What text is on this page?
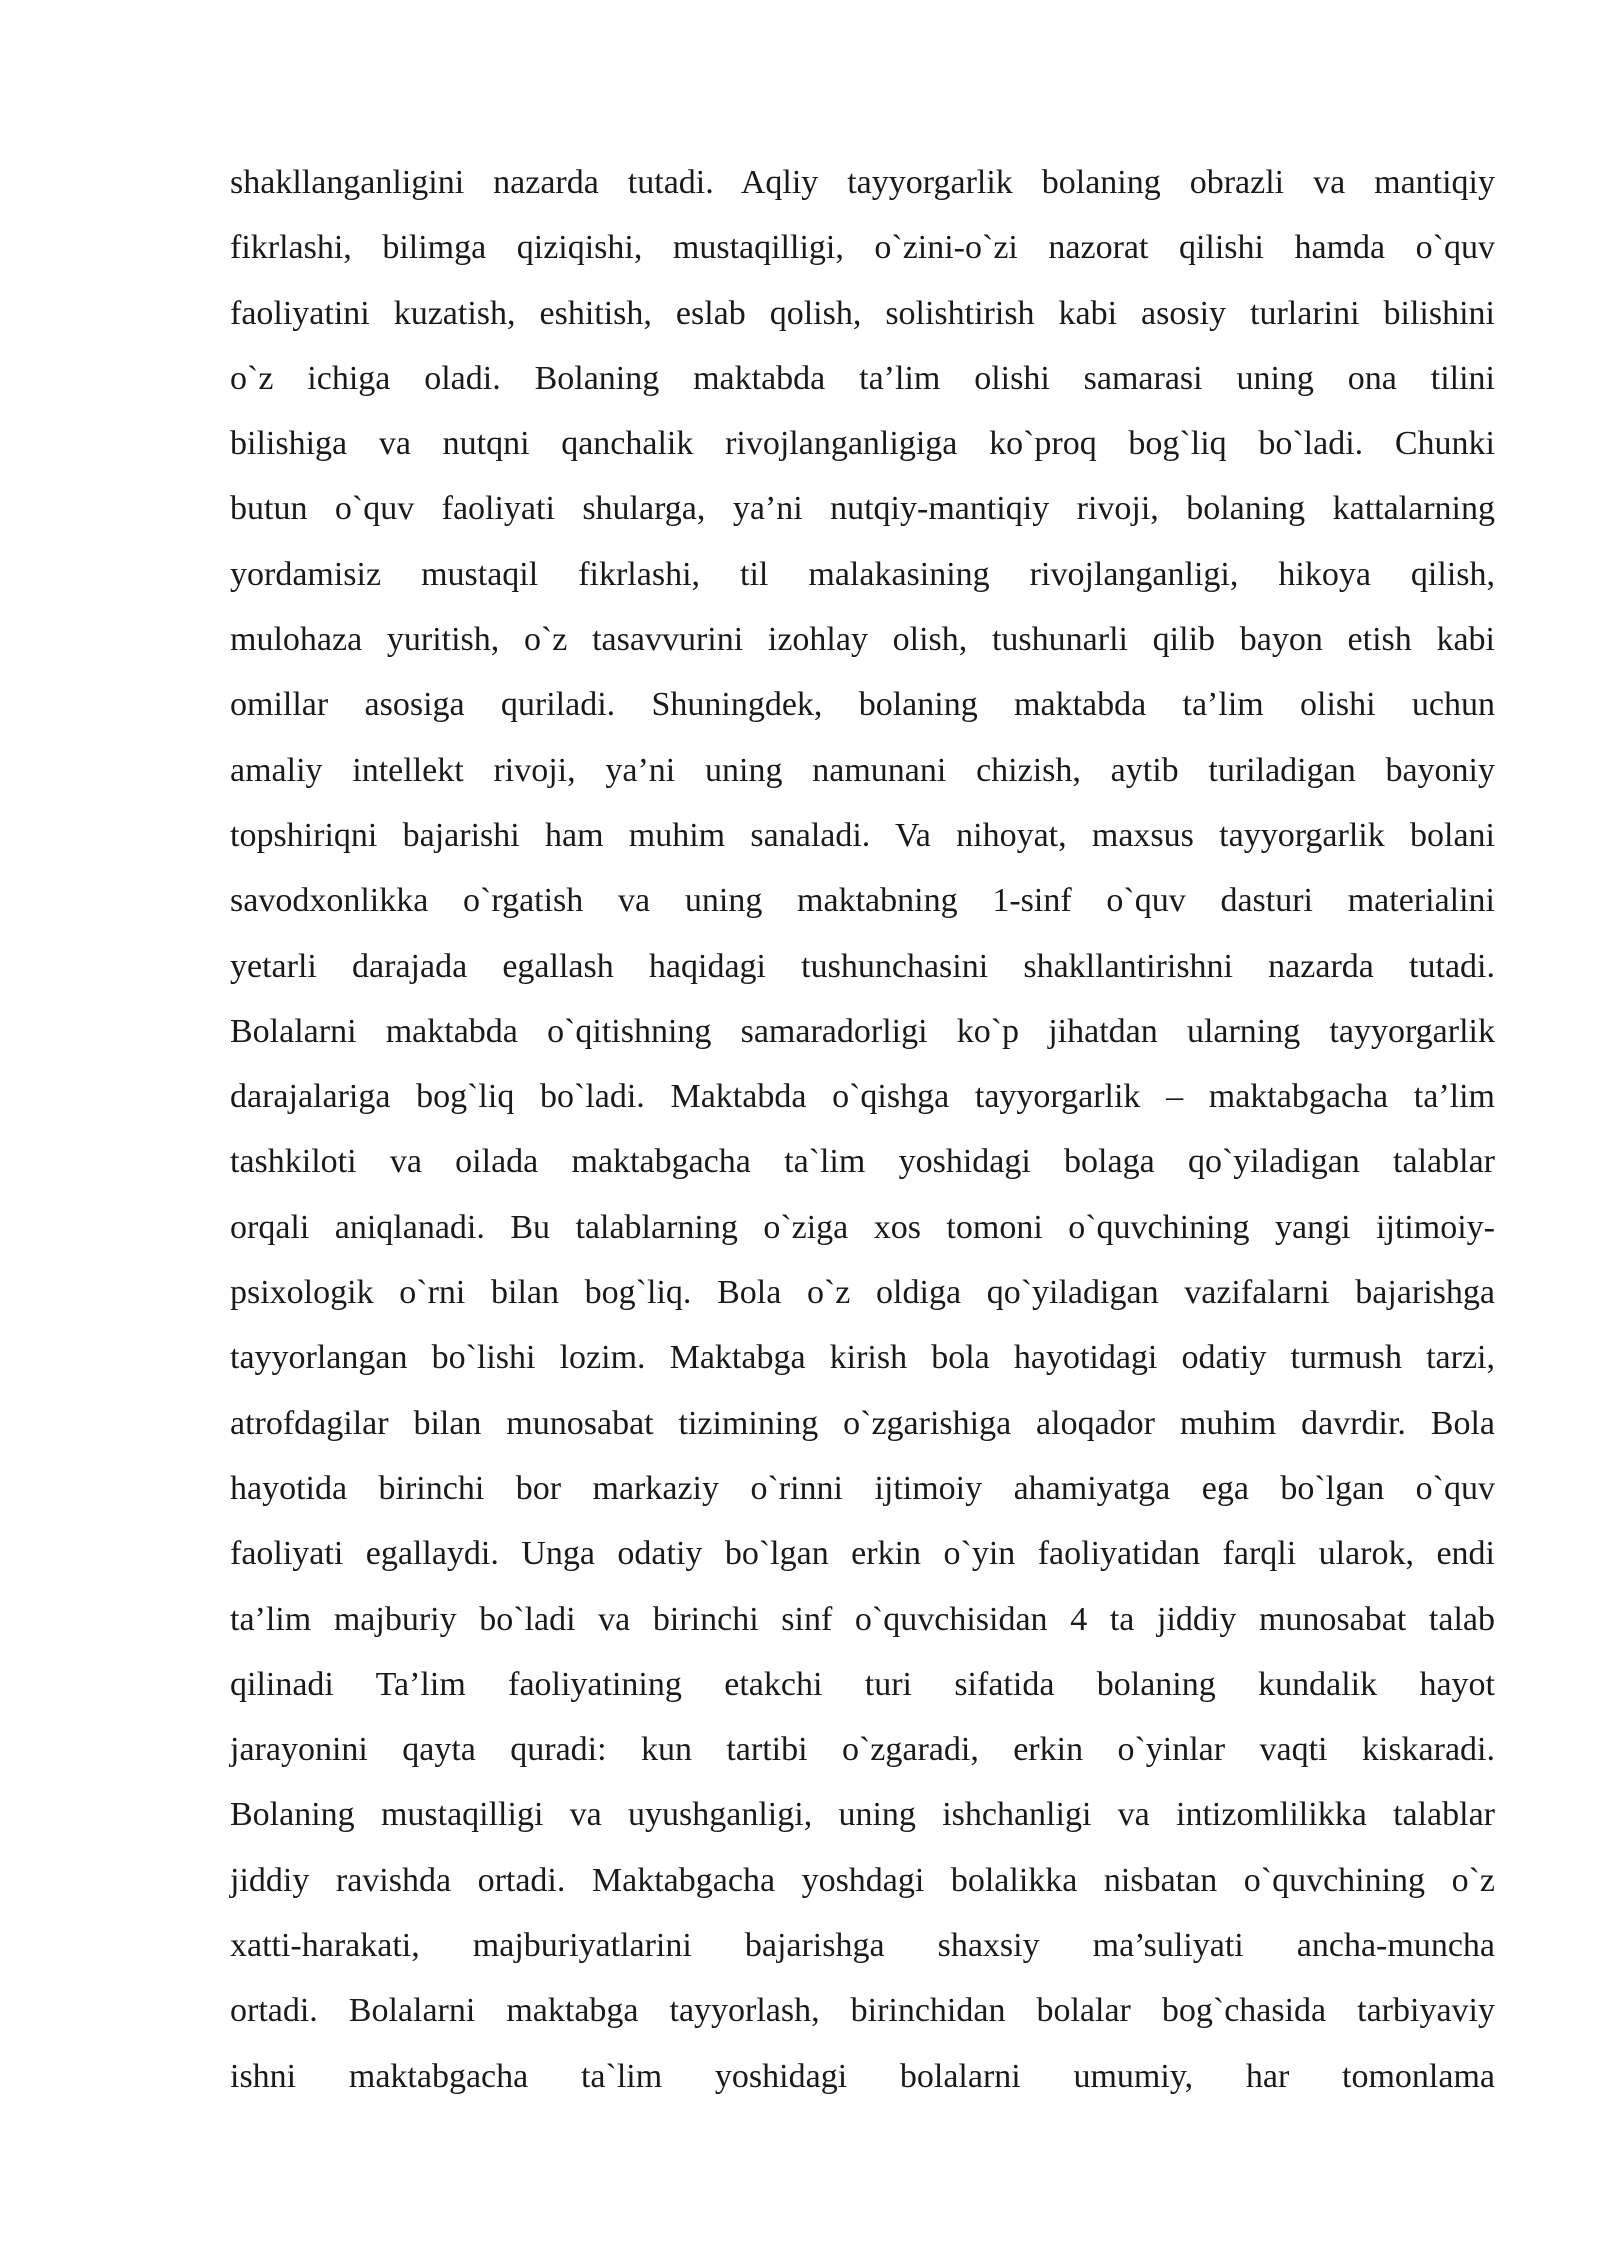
shakllanganligini nazarda tutadi. Aqliy tayyorgarlik bolaning obrazli va mantiqiy
fikrlashi, bilimga qiziqishi, mustaqilligi, o`zini-o`zi nazorat qilishi hamda o`quv
faoliyatini kuzatish, eshitish, eslab qolish, solishtirish kabi asosiy turlarini bilishini
o`z ichiga oladi. Bolaning maktabda ta’lim olishi samarasi uning ona tilini
bilishiga va nutqni qanchalik rivojlanganligiga ko`proq bog`liq bo`ladi. Chunki
butun o`quv faoliyati shularga, ya’ni nutqiy-mantiqiy rivoji, bolaning kattalarning
yordamisiz mustaqil fikrlashi, til malakasining rivojlanganligi, hikoya qilish,
mulohaza yuritish, o`z tasavvurini izohlay olish, tushunarli qilib bayon etish kabi
omillar asosiga quriladi. Shuningdek, bolaning maktabda ta’lim olishi uchun
amaliy intellekt rivoji, ya’ni uning namunani chizish, aytib turiladigan bayoniy
topshiriqni bajarishi ham muhim sanaladi. Va nihoyat, maxsus tayyorgarlik bolani
savodxonlikka o`rgatish va uning maktabning 1-sinf o`quv dasturi materialini
yetarli darajada egallash haqidagi tushunchasini shakllantirishni nazarda tutadi.
Bolalarni maktabda o`qitishning samaradorligi ko`p jihatdan ularning tayyorgarlik
darajalariga bog`liq bo`ladi. Maktabda o`qishga tayyorgarlik – maktabgacha ta’lim
tashkiloti va oilada maktabgacha ta`lim yoshidagi bolaga qo`yiladigan talablar
orqali aniqlanadi. Bu talablarning o`ziga xos tomoni o`quvchining yangi ijtimoiy-
psixologik o`rni bilan bog`liq. Bola o`z oldiga qo`yiladigan vazifalarni bajarishga
tayyorlangan bo`lishi lozim. Maktabga kirish bola hayotidagi odatiy turmush tarzi,
atrofdagilar bilan munosabat tizimining o`zgarishiga aloqador muhim davrdir. Bola
hayotida birinchi bor markaziy o`rinni ijtimoiy ahamiyatga ega bo`lgan o`quv
faoliyati egallaydi. Unga odatiy bo`lgan erkin o`yin faoliyatidan farqli ularok, endi
ta’lim majburiy bo`ladi va birinchi sinf o`quvchisidan 4 ta jiddiy munosabat talab
qilinadi Ta’lim faoliyatining etakchi turi sifatida bolaning kundalik hayot
jarayonini qayta quradi: kun tartibi o`zgaradi, erkin o`yinlar vaqti kiskaradi.
Bolaning mustaqilligi va uyushganligi, uning ishchanligi va intizomlilikka talablar
jiddiy ravishda ortadi. Maktabgacha yoshdagi bolalikka nisbatan o`quvchining o`z
xatti-harakati, majburiyatlarini bajarishga shaxsiy ma’suliyati ancha-muncha
ortadi. Bolalarni maktabga tayyorlash, birinchidan bolalar bog`chasida tarbiyaviy
ishni maktabgacha ta`lim yoshidagi bolalarni umumiy, har tomonlama
